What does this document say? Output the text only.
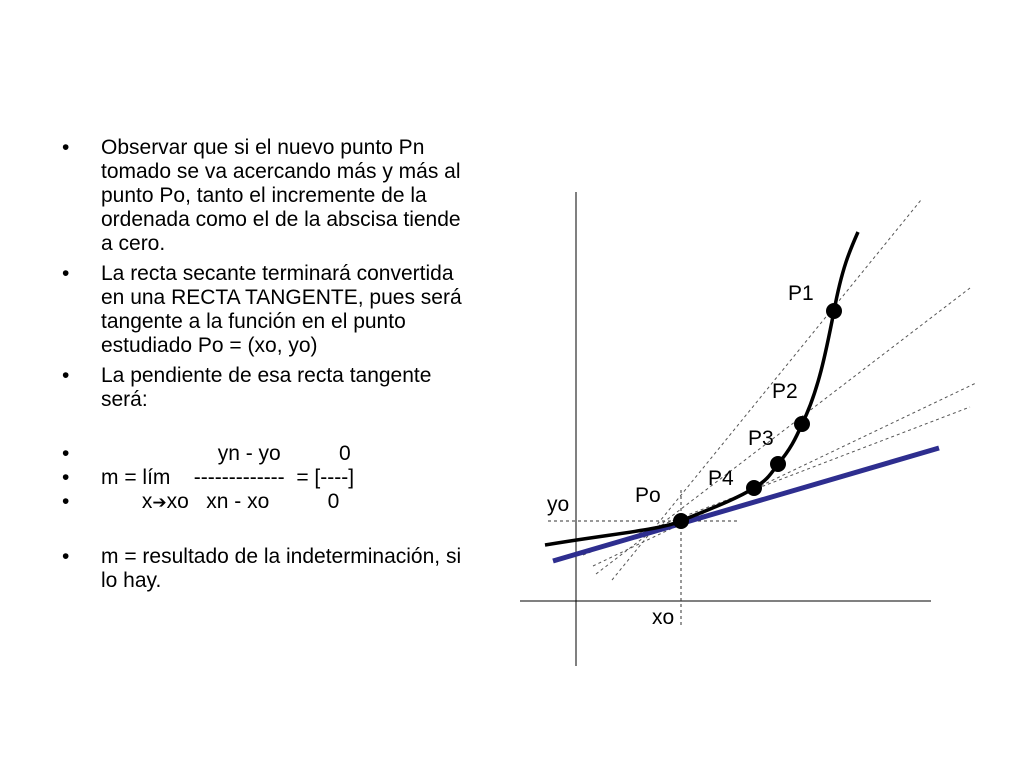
• Observar que si el nuevo punto Pn tomado se va acercando más y más al punto Po, tanto el incremente de la ordenada como el de la abscisa tiende a cero.
• La recta secante terminará convertida en una RECTA TANGENTE, pues será tangente a la función en el punto estudiado Po = (xo, yo)
• La pendiente de esa recta tangente será:
• yn - yo          0
• m = lím    -------------  = [----]
• x➔xo   xn - xo          0
• m = resultado de la indeterminación, si lo hay.
P1
P2
P3
P4
Po
yo
xo
